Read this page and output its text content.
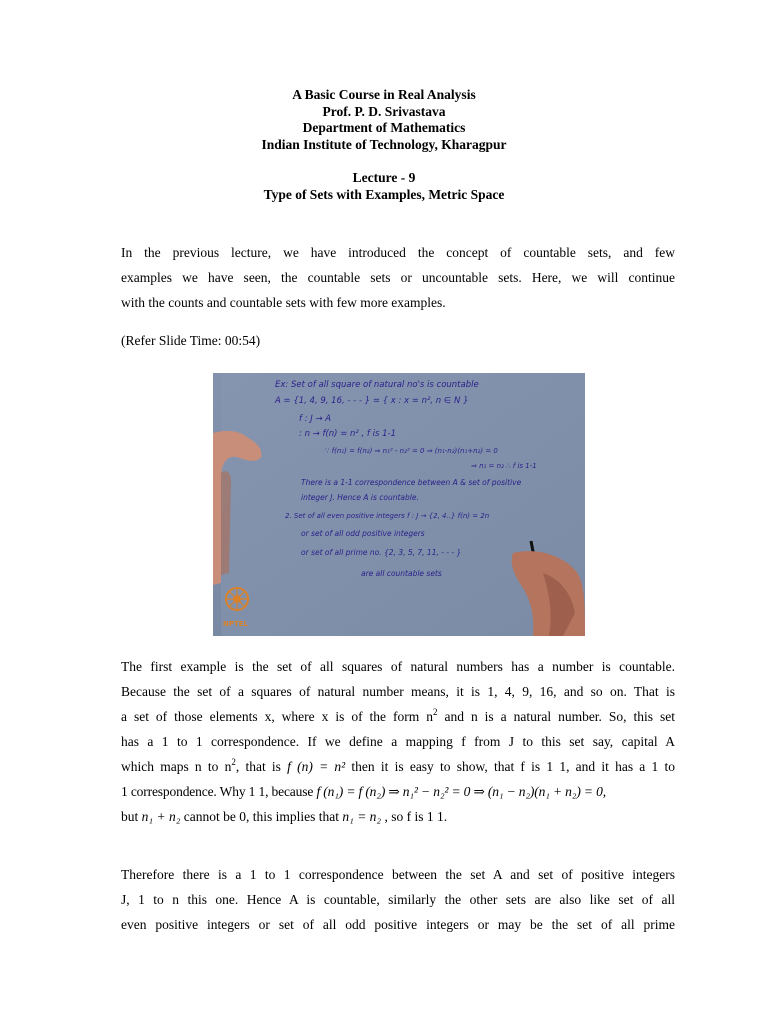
A Basic Course in Real Analysis
Prof. P. D. Srivastava
Department of Mathematics
Indian Institute of Technology, Kharagpur
Lecture - 9
Type of Sets with Examples, Metric Space
In the previous lecture, we have introduced the concept of countable sets, and few
examples we have seen, the countable sets or uncountable sets. Here, we will continue
with the counts and countable sets with few more examples.
(Refer Slide Time: 00:54)
Ex: Set of all square of natural no's is countable
A = {1, 4, 9, 16, - - - } = { x : x = n², n ∈ N }
f : J → A
: n → f(n) = n² , f is 1-1
∵ f(n₁) = f(n₂) ⇒ n₁² - n₂² = 0 ⇒ (n₁-n₂)(n₁+n₂) = 0
⇒ n₁ = n₂ ∴ f is 1-1
There is a 1-1 correspondence between A & set of positive
integer J. Hence A is countable.
2. Set of all even positive integers f : J → {2, 4..} f(n) = 2n
or set of all odd positive integers
or set of all prime no. {2, 3, 5, 7, 11, - - - }
are all countable sets
NPTEL
The first example is the set of all squares of natural numbers has a number is countable.
Because the set of a squares of natural number means, it is 1, 4, 9, 16, and so on. That is
a set of those elements x, where x is of the form $n^2$ and n is a natural number. So, this set
has a 1 to 1 correspondence. If we define a mapping f from J to this set say, capital A
which maps n to $n^2$, that is f (n) = n² then it is easy to show, that f is 1 1, and it has a 1 to
1 correspondence. Why 1 1, because f (n₁) = f (n₂) ⇒ n₁² − n₂² = 0 ⇒ (n₁ − n₂)(n₁ + n₂) = 0,
but n₁ + n₂ cannot be 0, this implies that n₁ = n₂ , so f is 1 1.
Therefore there is a 1 to 1 correspondence between the set A and set of positive integers
J, 1 to n this one. Hence A is countable, similarly the other sets are also like set of all
even positive integers or set of all odd positive integers or may be the set of all prime
